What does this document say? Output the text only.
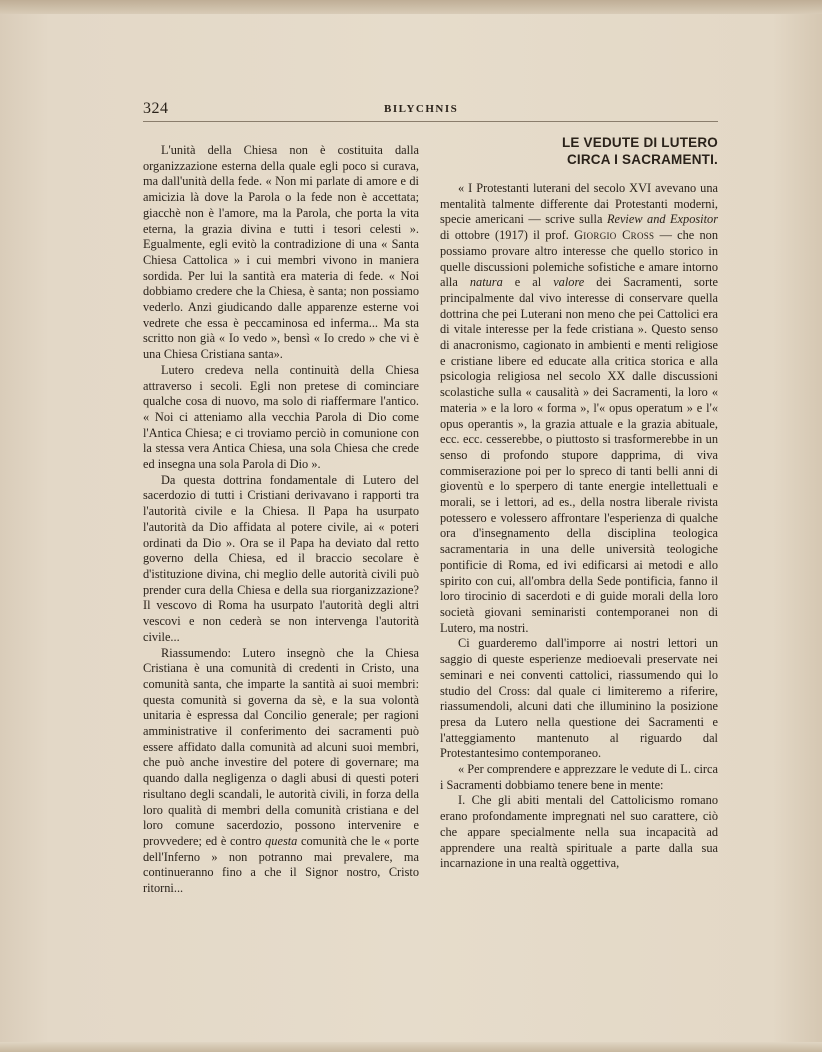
324	BILYCHNIS

L'unità della Chiesa non è costituita dalla organizzazione esterna della quale egli poco si curava, ma dall'unità della fede. « Non mi parlate di amore e di amicizia là dove la Parola o la fede non è accettata; giacchè non è l'amore, ma la Parola, che porta la vita eterna, la grazia divina e tutti i tesori celesti ». Egualmente, egli evitò la contradizione di una « Santa Chiesa Cattolica » i cui membri vivono in maniera sordida. Per lui la santità era materia di fede. « Noi dobbiamo credere che la Chiesa, è santa; non possiamo vederlo. Anzi giudicando dalle apparenze esterne voi vedrete che essa è peccaminosa ed inferma... Ma sta scritto non già « Io vedo », bensì « Io credo » che vi è una Chiesa Cristiana santa».

Lutero credeva nella continuità della Chiesa attraverso i secoli. Egli non pretese di cominciare qualche cosa di nuovo, ma solo di riaffermare l'antico. « Noi ci atteniamo alla vecchia Parola di Dio come l'Antica Chiesa; e ci troviamo perciò in comunione con la stessa vera Antica Chiesa, una sola Chiesa che crede ed insegna una sola Parola di Dio ».

Da questa dottrina fondamentale di Lutero del sacerdozio di tutti i Cristiani derivavano i rapporti tra l'autorità civile e la Chiesa. Il Papa ha usurpato l'autorità da Dio affidata al potere civile, ai « poteri ordinati da Dio ». Ora se il Papa ha deviato dal retto governo della Chiesa, ed il braccio secolare è d'istituzione divina, chi meglio delle autorità civili può prender cura della Chiesa e della sua riorganizzazione? Il vescovo di Roma ha usurpato l'autorità degli altri vescovi e non cederà se non intervenga l'autorità civile...

Riassumendo: Lutero insegnò che la Chiesa Cristiana è una comunità di credenti in Cristo, una comunità santa, che imparte la santità ai suoi membri: questa comunità si governa da sè, e la sua volontà unitaria è espressa dal Concilio generale; per ragioni amministrative il conferimento dei sacramenti può essere affidato dalla comunità ad alcuni suoi membri, che può anche investire del potere di governare; ma quando dalla negligenza o dagli abusi di questi poteri risultano degli scandali, le autorità civili, in forza della loro qualità di membri della comunità cristiana e del loro comune sacerdozio, possono intervenire e provvedere; ed è contro questa comunità che le « porte dell'Inferno » non potranno mai prevalere, ma continueranno fino a che il Signor nostro, Cristo ritorni...

LE VEDUTE DI LUTERO
CIRCA I SACRAMENTI.

« I Protestanti luterani del secolo XVI avevano una mentalità talmente differente dai Protestanti moderni, specie americani — scrive sulla Review and Expositor di ottobre (1917) il prof. Giorgio Cross — che non possiamo provare altro interesse che quello storico in quelle discussioni polemiche sofistiche e amare intorno alla natura e al valore dei Sacramenti, sorte principalmente dal vivo interesse di conservare quella dottrina che pei Luterani non meno che pei Cattolici era di vitale interesse per la fede cristiana ». Questo senso di anacronismo, cagionato in ambienti e menti religiose e cristiane libere ed educate alla critica storica e alla psicologia religiosa nel secolo XX dalle discussioni scolastiche sulla « causalità » dei Sacramenti, la loro « materia » e la loro « forma », l'« opus operatum » e l'« opus operantis », la grazia attuale e la grazia abituale, ecc. ecc. cesserebbe, o piuttosto si trasformerebbe in un senso di profondo stupore dapprima, di viva commiserazione poi per lo spreco di tanti belli anni di gioventù e lo sperpero di tante energie intellettuali e morali, se i lettori, ad es., della nostra liberale rivista potessero e volessero affrontare l'esperienza di qualche ora d'insegnamento della disciplina teologica sacramentaria in una delle università teologiche pontificie di Roma, ed ivi edificarsi ai metodi e allo spirito con cui, all'ombra della Sede pontificia, fanno il loro tirocinio di sacerdoti e di guide morali della loro società giovani seminaristi contemporanei non di Lutero, ma nostri.

Ci guarderemo dall'imporre ai nostri lettori un saggio di queste esperienze medioevali preservate nei seminari e nei conventi cattolici, riassumendo qui lo studio del Cross: dal quale ci limiteremo a riferire, riassumendoli, alcuni dati che illuminino la posizione presa da Lutero nella questione dei Sacramenti e l'atteggiamento mantenuto al riguardo dal Protestantesimo contemporaneo.

« Per comprendere e apprezzare le vedute di L. circa i Sacramenti dobbiamo tenere bene in mente:

I. Che gli abiti mentali del Cattolicismo romano erano profondamente impregnati nel suo carattere, ciò che appare specialmente nella sua incapacità ad apprendere una realtà spirituale a parte dalla sua incarnazione in una realtà oggettiva,
